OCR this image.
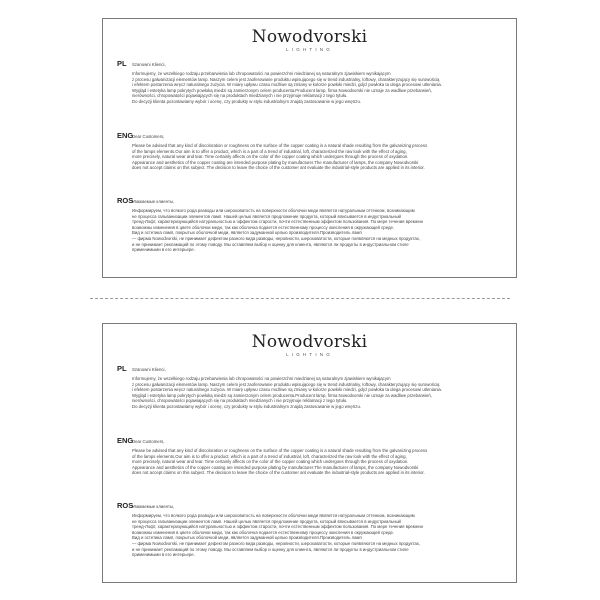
Nowodvorski
LIGHTING
PL Szanowni Klienci,

Informujemy, że wszelkiego rodzaju przebarwienia lub chropowatości na powierzchni miedzianej są naturalnym zjawiskiem wynikającym

z procesu galwanizacji elementów lamp. Naszym celem jest zaoferowanie produktu wpisującego się w trend industrialny, loftowy, charakteryzujący się surowością

i efektem postarzenia wręcz naturalnego zużycia. W miarę upływu czasu możliwe są zmiany w kolorze powłoki miedzi, gdyż powłoka ta ulega procesowi utleniania.

Wygląd i estetyka lamp pokrytych powłoką miedzi są zamierzonym celem producenta.Producent lamp, firma Nowodvorski nie uznaje za wadliwe przebarwień,

nierówności, chropowatości pojawiających się na produktach miedzianych i nie przyjmuje reklamacji z tego tytułu.

Do decyzji klienta pozostawiamy wybór i ocenę, czy produkty w stylu industrialnym znajdą zastosowanie w jego wnętrzu.

ENG
Dear Customers,

Please be advised that any kind of discoloration or roughness on the surface of the copper coating is a natural shade resulting from the galvanizing process

of the lamps elements.Our aim is to offer a product, which is a part of a trend of industrial, loft, characterized the raw look with the effect of aging,

more precisely, natural wear and tear. Time certainly affects on the color of the copper coating which undergoes through the process of oxydation.

Appearance and aesthetics of the copper coating are intended purpose plating by manufacturer.The manufacturer of lamps, the company Nowodvorski

does not accept claims on this subject. The decision to leave the choice of the customer ant evaluate the industrial-style products are applied in its interior.

ROS
Уважаемые клиенты,

Информируем, что всякого рода разводы или шероховатость на поверхности оболочки меди является натуральным оттенком, возникающим

не процесса гальванизации элементов ламп. Нашей целью является предложение продукта, который вписывается в индустриальный

тренд-Лофт, характеризующийся натуральностью и эффектом старости, почти естественным эффектом пользования. По мере течения времени

возможны изменения в цвете оболочки меди, так как оболочка подается естественному процессу окисления в окружающей среде.

Вид и эстетика ламп, покрытых оболочкой меди, является задуманной целью производителя.Производитель ламп

— фирма Nowodvorski, не принимает дефектом разного вида разводы, неровности, шероховатости, которые появляются на медных продуктах,

и не принимает рекламаций по этому поводу. Мы оставляем выбор и оценку для клиента, являются ли продукты в индустриальном стиле

применимыми в его интерьере.

Nowodvorski
LIGHTING
PL Szanowni Klienci,

Informujemy, że wszelkiego rodzaju przebarwienia lub chropowatości na powierzchni miedzianej są naturalnym zjawiskiem wynikającym

z procesu galwanizacji elementów lamp. Naszym celem jest zaoferowanie produktu wpisującego się w trend industrialny, loftowy, charakteryzujący się surowością

i efektem postarzenia wręcz naturalnego zużycia. W miarę upływu czasu możliwe są zmiany w kolorze powłoki miedzi, gdyż powłoka ta ulega procesowi utleniania.

Wygląd i estetyka lamp pokrytych powłoką miedzi są zamierzonym celem producenta.Producent lamp, firma Nowodvorski nie uznaje za wadliwe przebarwień,

nierówności, chropowatości pojawiających się na produktach miedzianych i nie przyjmuje reklamacji z tego tytułu.

Do decyzji klienta pozostawiamy wybór i ocenę, czy produkty w stylu industrialnym znajdą zastosowanie w jego wnętrzu.

ENG
Dear Customers,

Please be advised that any kind of discoloration or roughness on the surface of the copper coating is a natural shade resulting from the galvanizing process

of the lamps elements.Our aim is to offer a product, which is a part of a trend of industrial, loft, characterized the raw look with the effect of aging,

more precisely, natural wear and tear. Time certainly affects on the color of the copper coating which undergoes through the process of oxydation.

Appearance and aesthetics of the copper coating are intended purpose plating by manufacturer.The manufacturer of lamps, the company Nowodvorski

does not accept claims on this subject. The decision to leave the choice of the customer ant evaluate the industrial-style products are applied in its interior.

ROS
Уважаемые клиенты,

Информируем, что всякого рода разводы или шероховатость на поверхности оболочки меди является натуральным оттенком, возникающим

не процесса гальванизации элементов ламп. Нашей целью является предложение продукта, который вписывается в индустриальный

тренд-Лофт, характеризующийся натуральностью и эффектом старости, почти естественным эффектом пользования. По мере течения времени

возможны изменения в цвете оболочки меди, так как оболочка подается естественному процессу окисления в окружающей среде.

Вид и эстетика ламп, покрытых оболочкой меди, является задуманной целью производителя.Производитель ламп

— фирма Nowodvorski, не принимает дефектом разного вида разводы, неровности, шероховатости, которые появляются на медных продуктах,

и не принимает рекламаций по этому поводу. Мы оставляем выбор и оценку для клиента, являются ли продукты в индустриальном стиле

применимыми в его интерьере.
